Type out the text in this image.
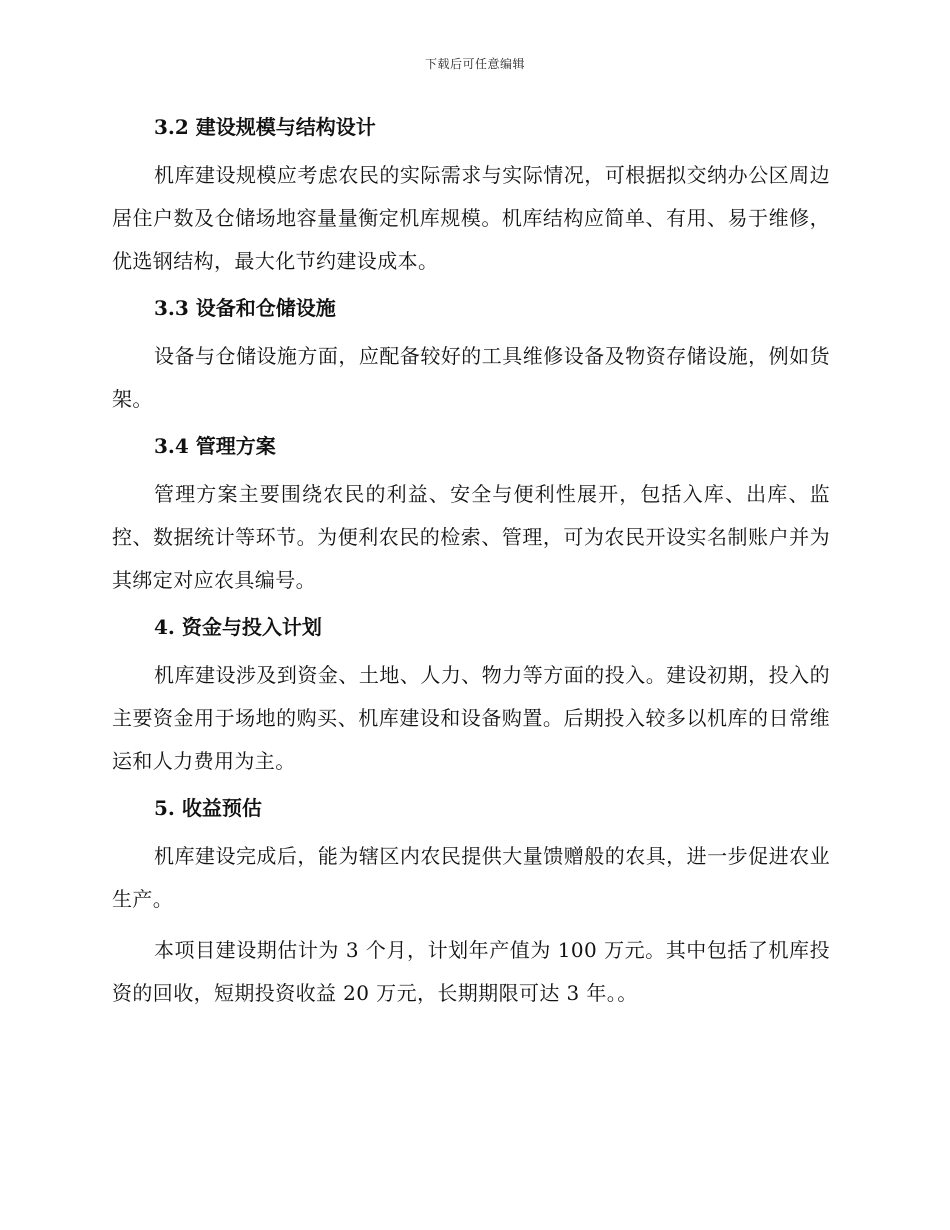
下载后可任意编辑

3.2 建设规模与结构设计

机库建设规模应考虑农民的实际需求与实际情况，可根据拟交纳办公区周边居住户数及仓储场地容量量衡定机库规模。机库结构应简单、有用、易于维修，优选钢结构，最大化节约建设成本。

3.3 设备和仓储设施

设备与仓储设施方面，应配备较好的工具维修设备及物资存储设施，例如货架。

3.4 管理方案

管理方案主要围绕农民的利益、安全与便利性展开，包括入库、出库、监控、数据统计等环节。为便利农民的检索、管理，可为农民开设实名制账户并为其绑定对应农具编号。

4. 资金与投入计划

机库建设涉及到资金、土地、人力、物力等方面的投入。建设初期，投入的主要资金用于场地的购买、机库建设和设备购置。后期投入较多以机库的日常维运和人力费用为主。

5. 收益预估

机库建设完成后，能为辖区内农民提供大量馈赠般的农具，进一步促进农业生产。

本项目建设期估计为 3 个月，计划年产值为 100 万元。其中包括了机库投资的回收，短期投资收益 20 万元，长期期限可达 3 年。。
